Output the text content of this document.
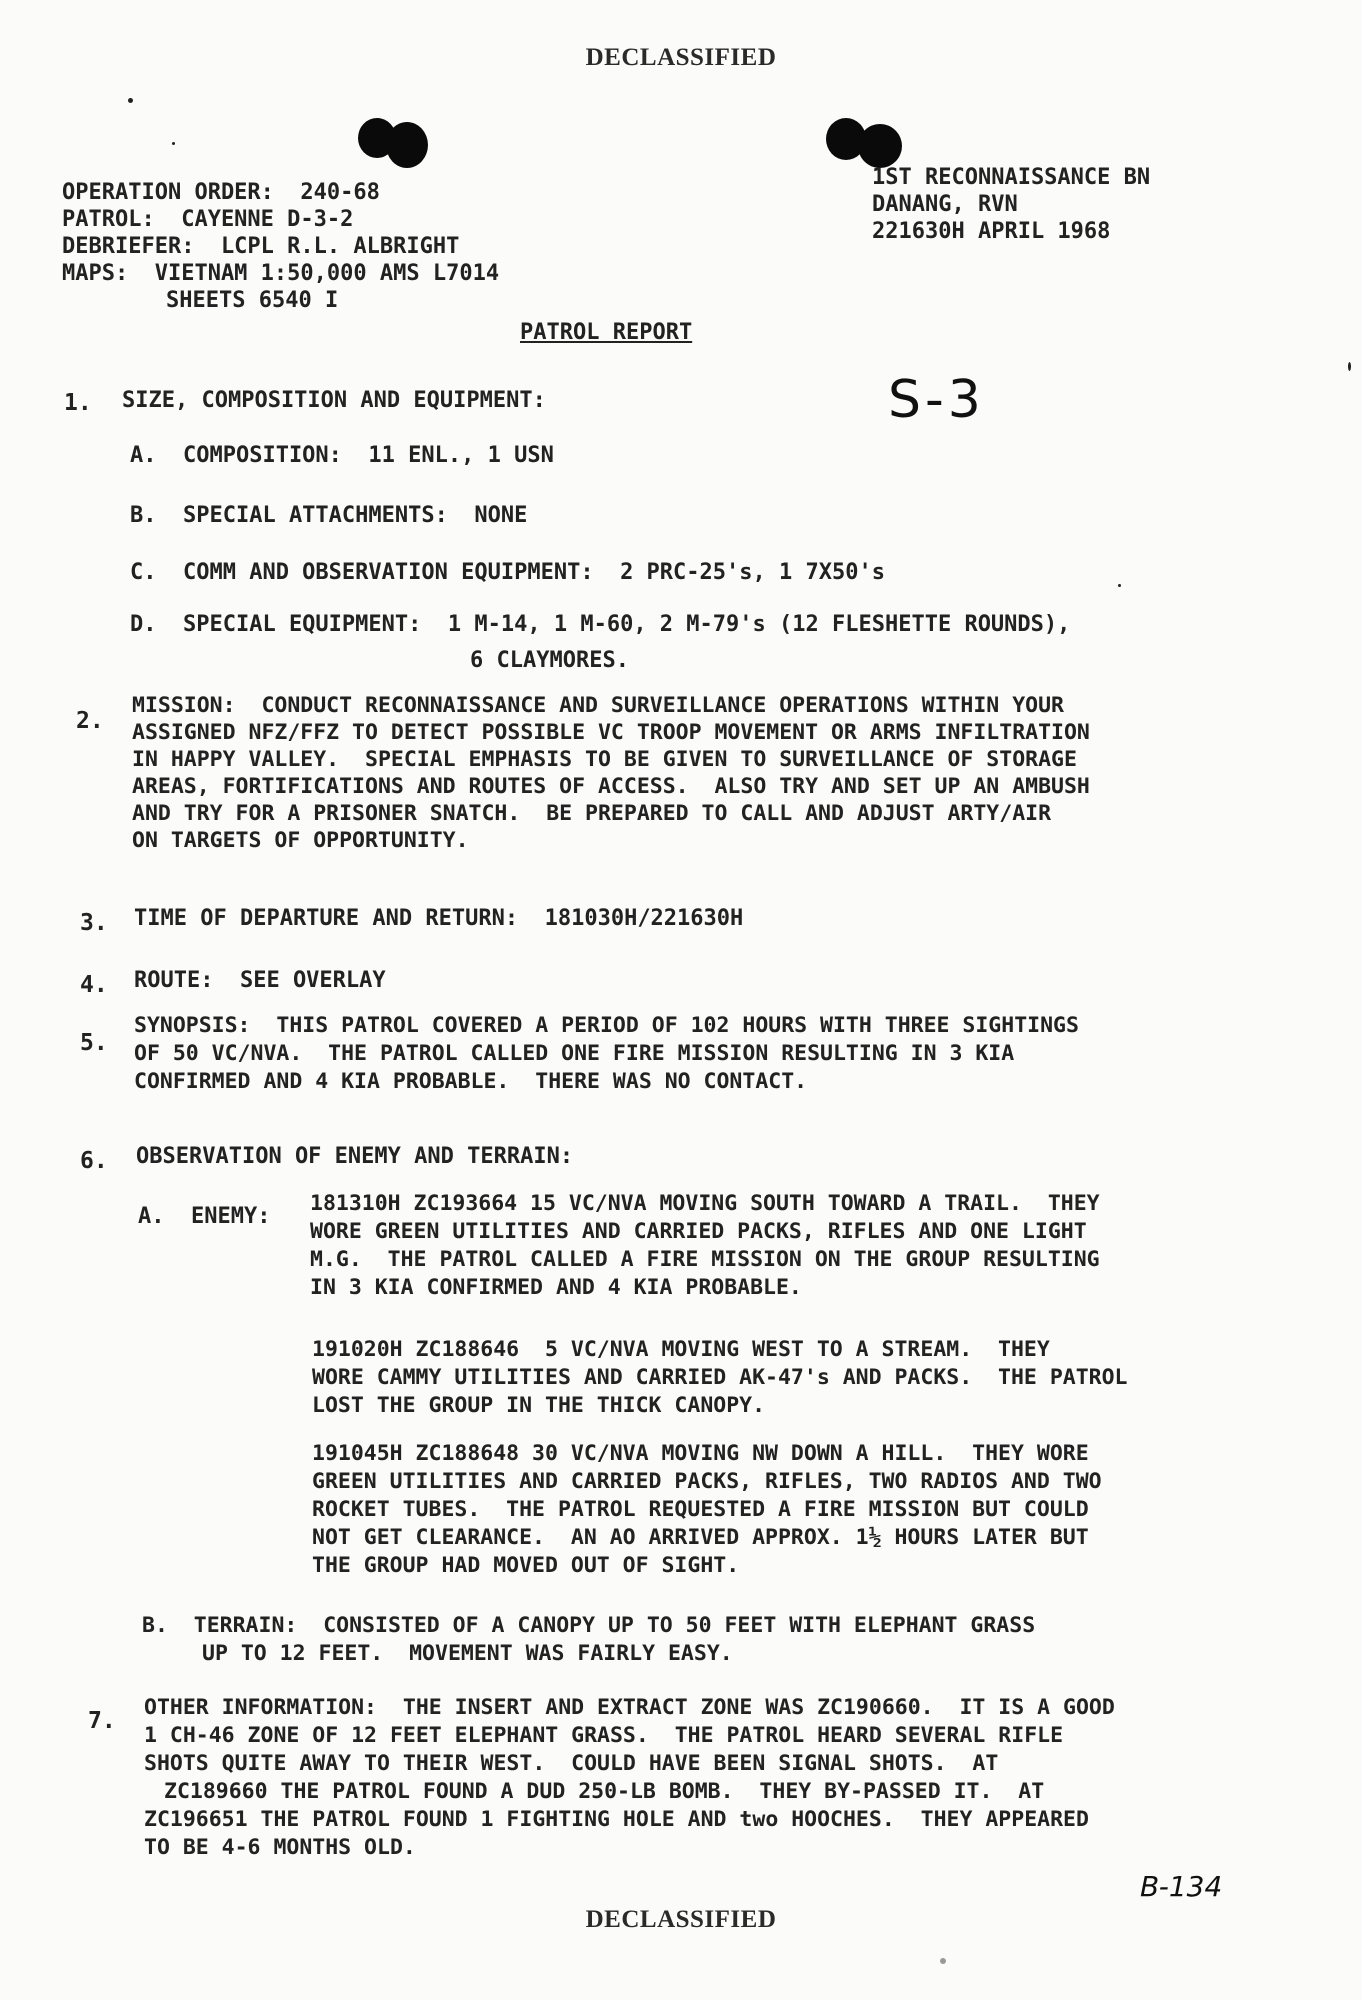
DECLASSIFIED
OPERATION ORDER:  240-68
PATROL:  CAYENNE D-3-2
DEBRIEFER:  LCPL R.L. ALBRIGHT
MAPS:  VIETNAM 1:50,000 AMS L7014
SHEETS 6540 I
1ST RECONNAISSANCE BN
DANANG, RVN
221630H APRIL 1968
PATROL REPORT
S-3
1. SIZE, COMPOSITION AND EQUIPMENT:
A.  COMPOSITION:  11 ENL., 1 USN
B.  SPECIAL ATTACHMENTS:  NONE
C.  COMM AND OBSERVATION EQUIPMENT:  2 PRC-25's, 1 7X50's
D.  SPECIAL EQUIPMENT:  1 M-14, 1 M-60, 2 M-79's (12 FLESHETTE ROUNDS),
6 CLAYMORES.
2.
MISSION:  CONDUCT RECONNAISSANCE AND SURVEILLANCE OPERATIONS WITHIN YOUR
ASSIGNED NFZ/FFZ TO DETECT POSSIBLE VC TROOP MOVEMENT OR ARMS INFILTRATION
IN HAPPY VALLEY.  SPECIAL EMPHASIS TO BE GIVEN TO SURVEILLANCE OF STORAGE
AREAS, FORTIFICATIONS AND ROUTES OF ACCESS.  ALSO TRY AND SET UP AN AMBUSH
AND TRY FOR A PRISONER SNATCH.  BE PREPARED TO CALL AND ADJUST ARTY/AIR
ON TARGETS OF OPPORTUNITY.
3. TIME OF DEPARTURE AND RETURN:  181030H/221630H
4. ROUTE:  SEE OVERLAY
5.
SYNOPSIS:  THIS PATROL COVERED A PERIOD OF 102 HOURS WITH THREE SIGHTINGS
OF 50 VC/NVA.  THE PATROL CALLED ONE FIRE MISSION RESULTING IN 3 KIA
CONFIRMED AND 4 KIA PROBABLE.  THERE WAS NO CONTACT.
6. OBSERVATION OF ENEMY AND TERRAIN:
A.  ENEMY:
181310H ZC193664 15 VC/NVA MOVING SOUTH TOWARD A TRAIL.  THEY
WORE GREEN UTILITIES AND CARRIED PACKS, RIFLES AND ONE LIGHT
M.G.  THE PATROL CALLED A FIRE MISSION ON THE GROUP RESULTING
IN 3 KIA CONFIRMED AND 4 KIA PROBABLE.
191020H ZC188646  5 VC/NVA MOVING WEST TO A STREAM.  THEY
WORE CAMMY UTILITIES AND CARRIED AK-47's AND PACKS.  THE PATROL
LOST THE GROUP IN THE THICK CANOPY.
191045H ZC188648 30 VC/NVA MOVING NW DOWN A HILL.  THEY WORE
GREEN UTILITIES AND CARRIED PACKS, RIFLES, TWO RADIOS AND TWO
ROCKET TUBES.  THE PATROL REQUESTED A FIRE MISSION BUT COULD
NOT GET CLEARANCE.  AN AO ARRIVED APPROX. 1½ HOURS LATER BUT
THE GROUP HAD MOVED OUT OF SIGHT.
B.  TERRAIN:  CONSISTED OF A CANOPY UP TO 50 FEET WITH ELEPHANT GRASS
UP TO 12 FEET.  MOVEMENT WAS FAIRLY EASY.
7.
OTHER INFORMATION:  THE INSERT AND EXTRACT ZONE WAS ZC190660.  IT IS A GOOD
1 CH-46 ZONE OF 12 FEET ELEPHANT GRASS.  THE PATROL HEARD SEVERAL RIFLE
SHOTS QUITE AWAY TO THEIR WEST.  COULD HAVE BEEN SIGNAL SHOTS.  AT
ZC189660 THE PATROL FOUND A DUD 250-LB BOMB.  THEY BY-PASSED IT.  AT
ZC196651 THE PATROL FOUND 1 FIGHTING HOLE AND two HOOCHES.  THEY APPEARED
TO BE 4-6 MONTHS OLD.
B-134
DECLASSIFIED
